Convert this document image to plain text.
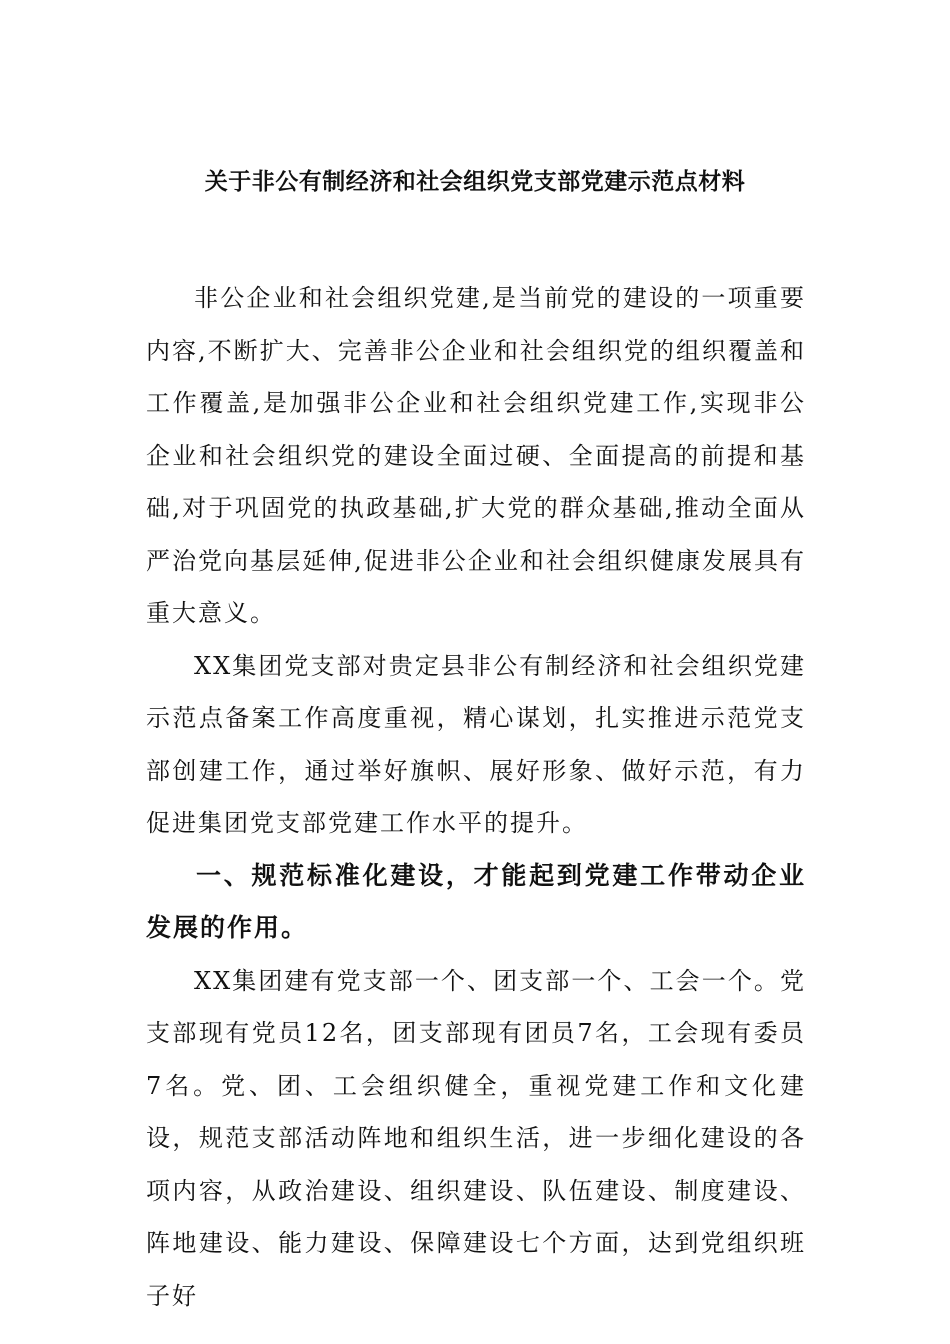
关于非公有制经济和社会组织党支部党建示范点材料

非公企业和社会组织党建,是当前党的建设的一项重要内容,不断扩大、完善非公企业和社会组织党的组织覆盖和工作覆盖,是加强非公企业和社会组织党建工作,实现非公企业和社会组织党的建设全面过硬、全面提高的前提和基础,对于巩固党的执政基础,扩大党的群众基础,推动全面从严治党向基层延伸,促进非公企业和社会组织健康发展具有重大意义。

XX集团党支部对贵定县非公有制经济和社会组织党建示范点备案工作高度重视，精心谋划，扎实推进示范党支部创建工作，通过举好旗帜、展好形象、做好示范，有力促进集团党支部党建工作水平的提升。

一、规范标准化建设，才能起到党建工作带动企业发展的作用。

XX集团建有党支部一个、团支部一个、工会一个。党支部现有党员12名，团支部现有团员7名，工会现有委员7名。党、团、工会组织健全，重视党建工作和文化建设，规范支部活动阵地和组织生活，进一步细化建设的各项内容，从政治建设、组织建设、队伍建设、制度建设、阵地建设、能力建设、保障建设七个方面，达到党组织班子好
